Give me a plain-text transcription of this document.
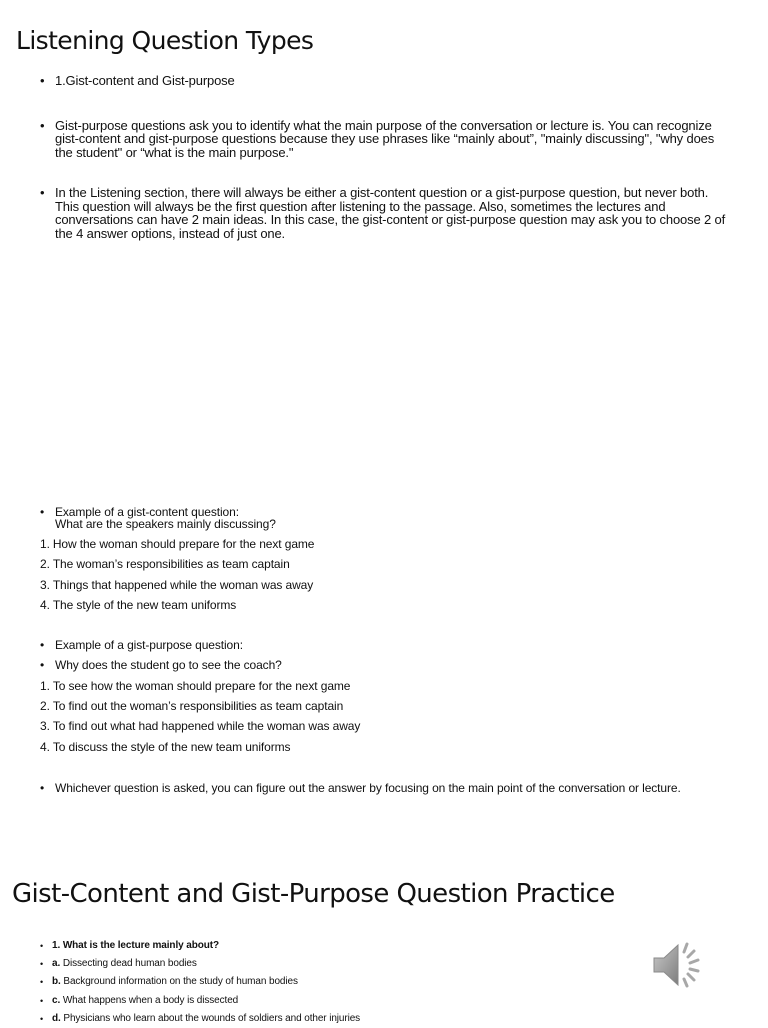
Listening Question Types
• 1.Gist-content and Gist-purpose
• Gist-purpose questions ask you to identify what the main purpose of the conversation or lecture is. You can recognize gist-content and gist-purpose questions because they use phrases like “mainly about”, "mainly discussing", "why does the student" or “what is the main purpose."
• In the Listening section, there will always be either a gist-content question or a gist-purpose question, but never both. This question will always be the first question after listening to the passage. Also, sometimes the lectures and conversations can have 2 main ideas. In this case, the gist-content or gist-purpose question may ask you to choose 2 of the 4 answer options, instead of just one.
• Example of a gist-content question:
What are the speakers mainly discussing?
1. How the woman should prepare for the next game
2. The woman’s responsibilities as team captain
3. Things that happened while the woman was away
4. The style of the new team uniforms
• Example of a gist-purpose question:
• Why does the student go to see the coach?
1. To see how the woman should prepare for the next game
2. To find out the woman’s responsibilities as team captain
3. To find out what had happened while the woman was away
4. To discuss the style of the new team uniforms
• Whichever question is asked, you can figure out the answer by focusing on the main point of the conversation or lecture.
Gist-Content and Gist-Purpose Question Practice
• 1. What is the lecture mainly about?
• a. Dissecting dead human bodies
• b. Background information on the study of human bodies
• c. What happens when a body is dissected
• d. Physicians who learn about the wounds of soldiers and other injuries
